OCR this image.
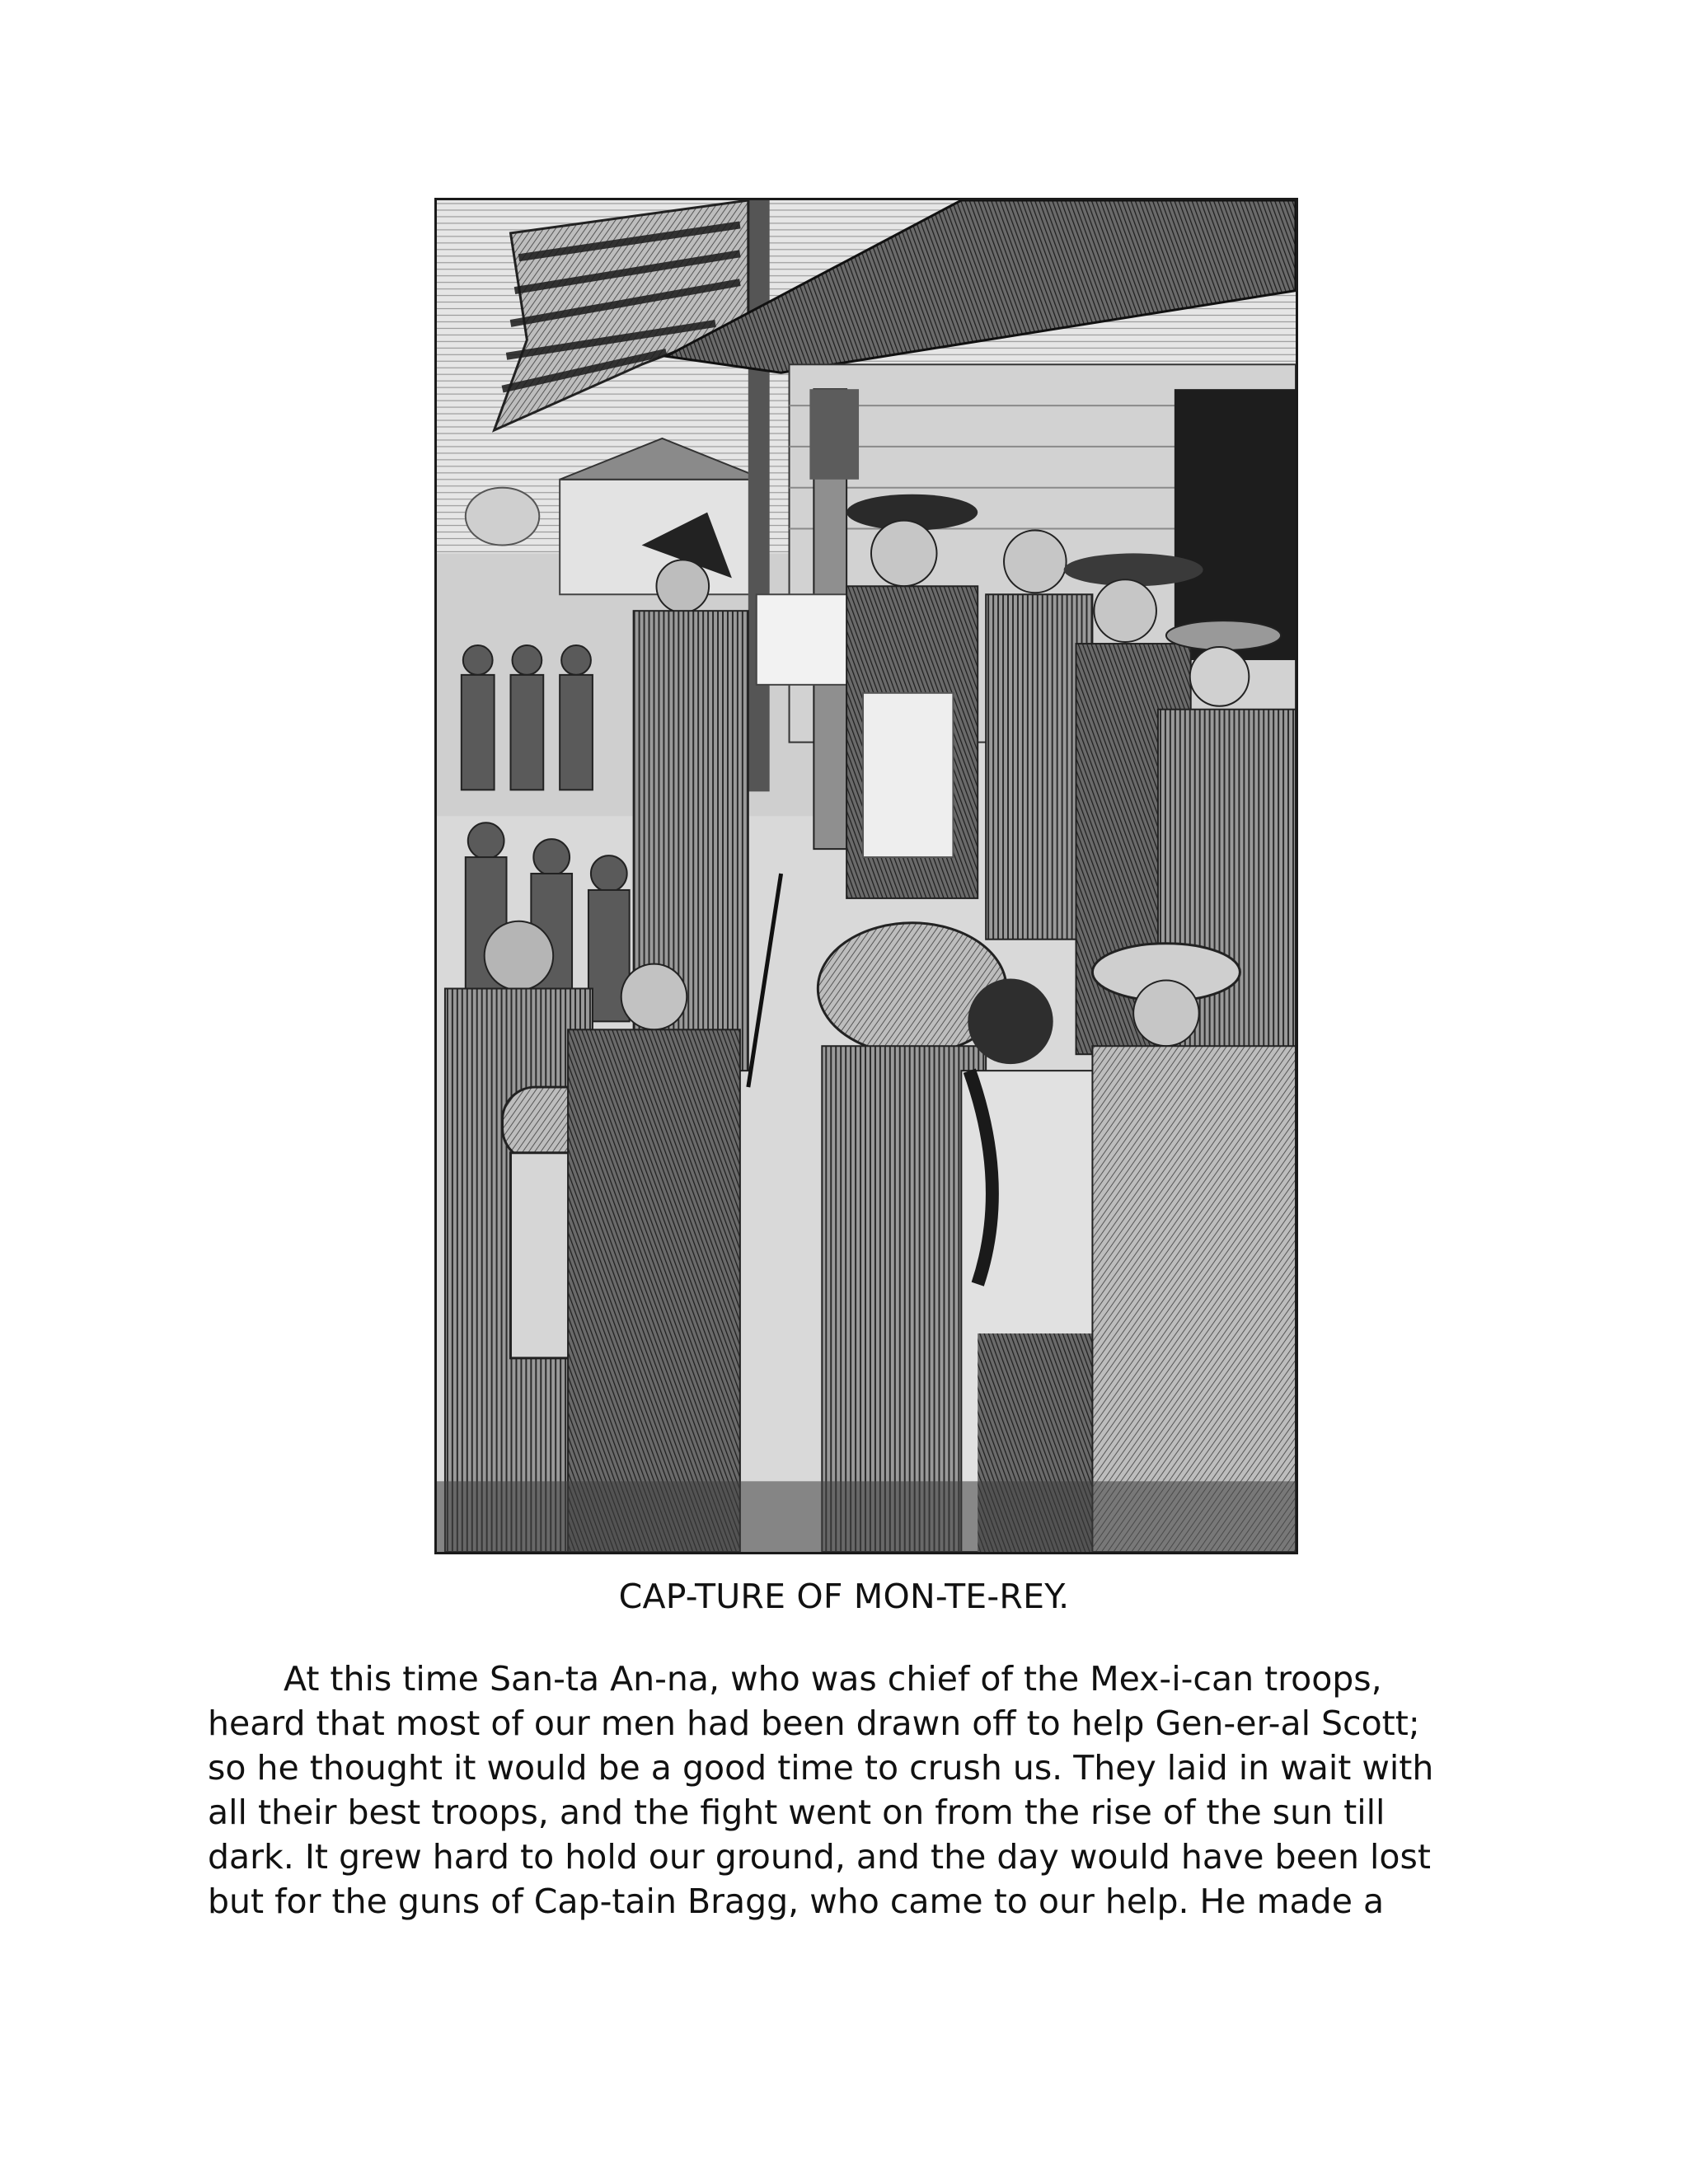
CAP-TURE OF MON-TE-REY.
At this time San-ta An-na, who was chief of the Mex-i-can troops,
heard that most of our men had been drawn off to help Gen-er-al Scott;
so he thought it would be a good time to crush us. They laid in wait with
all their best troops, and the fight went on from the rise of the sun till
dark. It grew hard to hold our ground, and the day would have been lost
but for the guns of Cap-tain Bragg, who came to our help. He made a
